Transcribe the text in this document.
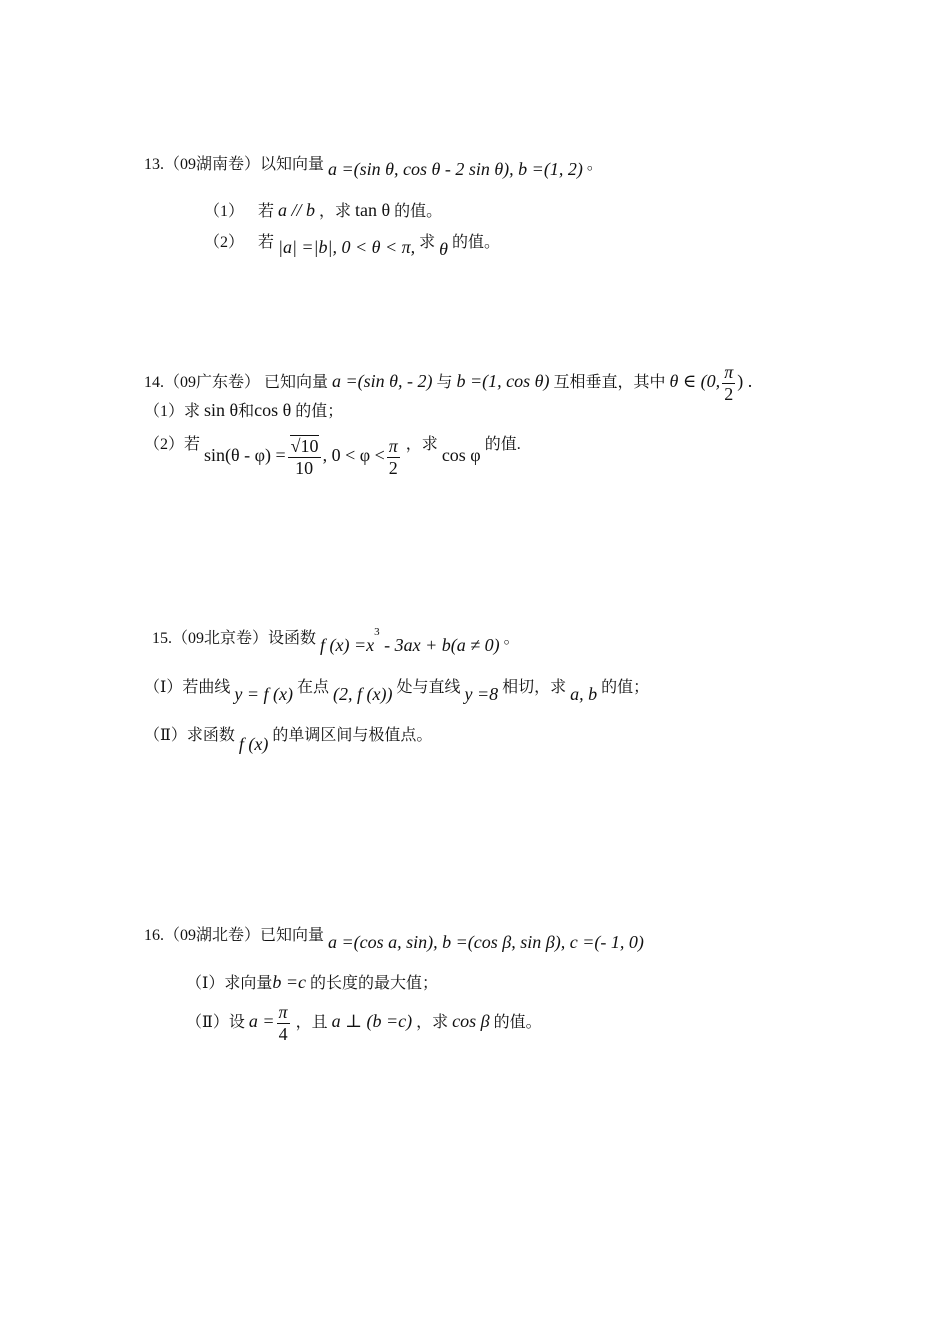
13.（09湖南卷）以知向量 a =(sin θ, cos θ - 2 sin θ), b =(1, 2) 。
（1） 若 a // b ，求 tan θ 的值。
（2） 若 |a| =|b|, 0 < θ < π, 求 θ 的值。
14.（09广东卷） 已知向量 a =(sin θ, - 2) 与 b =(1, cos θ) 互相垂直，其中 θ ∈ (0, $\frac{\pi}{2}$ ) .
（1）求 sin θ和cos θ 的值；
（2）若 $\sin(\theta - \varphi) = \frac{√10}{10}$ , $0 < \varphi < \frac{\pi}{2}$ ，求 cos φ 的值.
15.（09北京卷）设函数 f $(x) =x^3 - 3ax + b(a \ne 0)$ 。
（Ⅰ）若曲线 y = f (x) 在点 (2, f (x)) 处与直线 y =8 相切，求 a, b 的值；
（Ⅱ）求函数 f (x) 的单调区间与极值点。
16.（09湖北卷）已知向量 a =(cos a, sin), b =(cos β, sin β), c =(- 1, 0)
（Ⅰ）求向量b =c 的长度的最大值；
（Ⅱ）设 $a = \frac{\pi}{4}$ ，且 a ⊥ (b =c) ，求 cos β 的值。
